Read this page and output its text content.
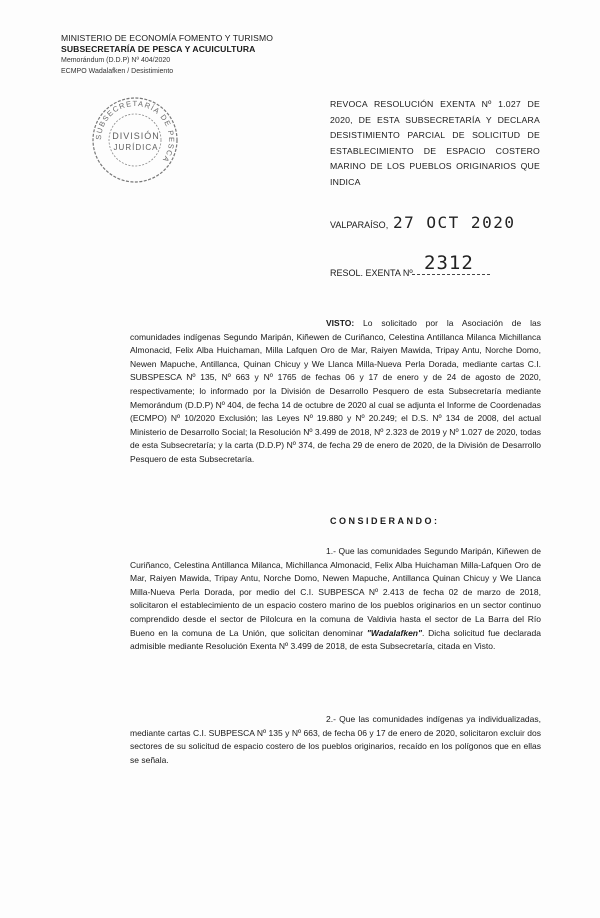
MINISTERIO DE ECONOMÍA FOMENTO Y TURISMO
SUBSECRETARÍA DE PESCA Y ACUICULTURA
Memorándum (D.D.P) Nº 404/2020
ECMPO Wadalafken / Desistimiento
SUBSECRETARÍA DE PESCA
DIVISIÓN
JURÍDICA
REVOCA RESOLUCIÓN EXENTA Nº 1.027 DE 2020, DE ESTA SUBSECRETARÍA Y DECLARA DESISTIMIENTO PARCIAL DE SOLICITUD DE ESTABLECIMIENTO DE ESPACIO COSTERO MARINO DE LOS PUEBLOS ORIGINARIOS QUE INDICA
VALPARAÍSO, 27 OCT 2020
RESOL. EXENTA Nº 2312
VISTO: Lo solicitado por la Asociación de las comunidades indígenas Segundo Maripán, Kiñewen de Curiñanco, Celestina Antillanca Milanca Michillanca Almonacid, Felix Alba Huichaman, Milla Lafquen Oro de Mar, Raiyen Mawida, Tripay Antu, Norche Domo, Newen Mapuche, Antillanca, Quinan Chicuy y We Llanca Milla-Nueva Perla Dorada, mediante cartas C.I. SUBSPESCA Nº 135, Nº 663 y Nº 1765 de fechas 06 y 17 de enero y de 24 de agosto de 2020, respectivamente; lo informado por la División de Desarrollo Pesquero de esta Subsecretaría mediante Memorándum (D.D.P) Nº 404, de fecha 14 de octubre de 2020 al cual se adjunta el Informe de Coordenadas (ECMPO) Nº 10/2020 Exclusión; las Leyes Nº 19.880 y Nº 20.249; el D.S. Nº 134 de 2008, del actual Ministerio de Desarrollo Social; la Resolución Nº 3.499 de 2018, Nº 2.323 de 2019 y Nº 1.027 de 2020, todas de esta Subsecretaría; y la carta (D.D.P) Nº 374, de fecha 29 de enero de 2020, de la División de Desarrollo Pesquero de esta Subsecretaría.
CONSIDERANDO:
1.- Que las comunidades Segundo Maripán, Kiñewen de Curiñanco, Celestina Antillanca Milanca, Michillanca Almonacid, Felix Alba Huichaman Milla-Lafquen Oro de Mar, Raiyen Mawida, Tripay Antu, Norche Domo, Newen Mapuche, Antillanca Quinan Chicuy y We Llanca Milla-Nueva Perla Dorada, por medio del C.I. SUBPESCA Nº 2.413 de fecha 02 de marzo de 2018, solicitaron el establecimiento de un espacio costero marino de los pueblos originarios en un sector continuo comprendido desde el sector de Pilolcura en la comuna de Valdivia hasta el sector de La Barra del Río Bueno en la comuna de La Unión, que solicitan denominar "Wadalafken". Dicha solicitud fue declarada admisible mediante Resolución Exenta Nº 3.499 de 2018, de esta Subsecretaría, citada en Visto.
2.- Que las comunidades indígenas ya individualizadas, mediante cartas C.I. SUBPESCA Nº 135 y Nº 663, de fecha 06 y 17 de enero de 2020, solicitaron excluir dos sectores de su solicitud de espacio costero de los pueblos originarios, recaído en los polígonos que en ellas se señala.
